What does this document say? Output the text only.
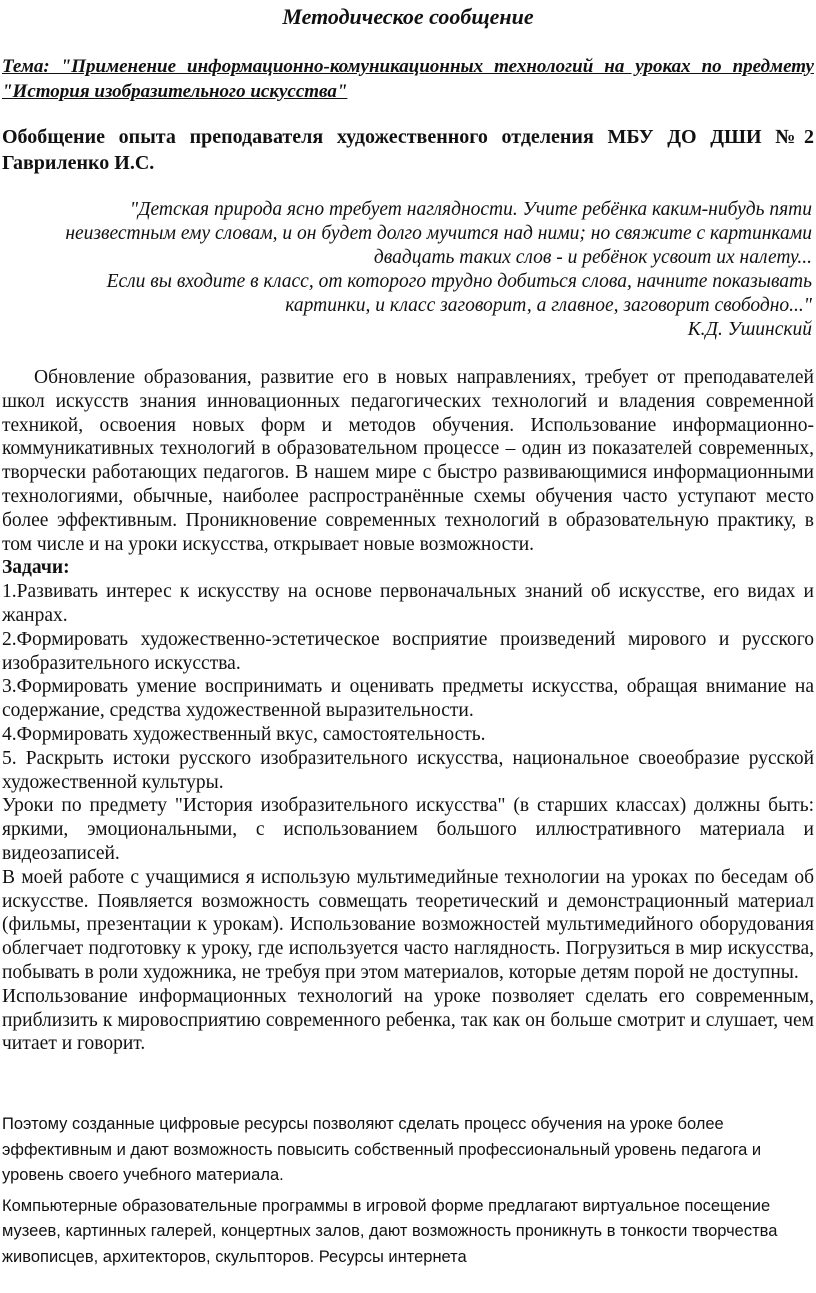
Методическое сообщение
Тема: "Применение информационно-комуникационных технологий на уроках по предмету "История изобразительного искусства"
Обобщение опыта преподавателя художественного отделения МБУ ДО ДШИ №2 Гавриленко И.С.
"Детская природа ясно требует наглядности. Учите ребёнка каким-нибудь пяти
неизвестным ему словам, и он будет долго мучится над ними; но свяжите с картинками
двадцать таких слов - и ребёнок усвоит их налету...
Если вы входите в класс, от которого трудно добиться слова, начните показывать
картинки, и класс заговорит, а главное, заговорит свободно..."
К.Д. Ушинский

Обновление образования, развитие его в новых направлениях, требует от преподавателей школ искусств знания инновационных педагогических технологий и владения современной техникой, освоения новых форм и методов обучения. Использование информационно-коммуникативных технологий в образовательном процессе – один из показателей современных, творчески работающих педагогов. В нашем мире с быстро развивающимися информационными технологиями, обычные, наиболее распространённые схемы обучения часто уступают место более эффективным. Проникновение современных технологий в образовательную практику, в том числе и на уроки искусства, открывает новые возможности.

Задачи:

1.Развивать интерес к искусству на основе первоначальных знаний об искусстве, его видах и жанрах.
2.Формировать художественно-эстетическое восприятие произведений мирового и русского изобразительного искусства.
3.Формировать умение воспринимать и оценивать предметы искусства, обращая внимание на содержание, средства художественной выразительности.
4.Формировать художественный вкус, самостоятельность.
5. Раскрыть истоки русского изобразительного искусства, национальное своеобразие русской художественной культуры.

Уроки по предмету "История изобразительного искусства" (в старших классах) должны быть: яркими, эмоциональными, с использованием большого иллюстративного материала и видеозаписей.

В моей работе с учащимися я использую мультимедийные технологии на уроках по беседам об искусстве. Появляется возможность совмещать теоретический и демонстрационный материал (фильмы, презентации к урокам). Использование возможностей мультимедийного оборудования облегчает подготовку к уроку, где используется часто наглядность. Погрузиться в мир искусства, побывать в роли художника, не требуя при этом материалов, которые детям порой не доступны.

Использование информационных технологий на уроке позволяет сделать его современным, приблизить к мировосприятию современного ребенка, так как он больше смотрит и слушает, чем читает и говорит.

Поэтому созданные цифровые ресурсы позволяют сделать процесс обучения на уроке более эффективным и дают возможность повысить собственный профессиональный уровень педагога и уровень своего учебного материала.

Компьютерные образовательные программы в игровой форме предлагают виртуальное посещение музеев, картинных галерей, концертных залов, дают возможность проникнуть в тонкости творчества живописцев, архитекторов, скульпторов. Ресурсы интернета
